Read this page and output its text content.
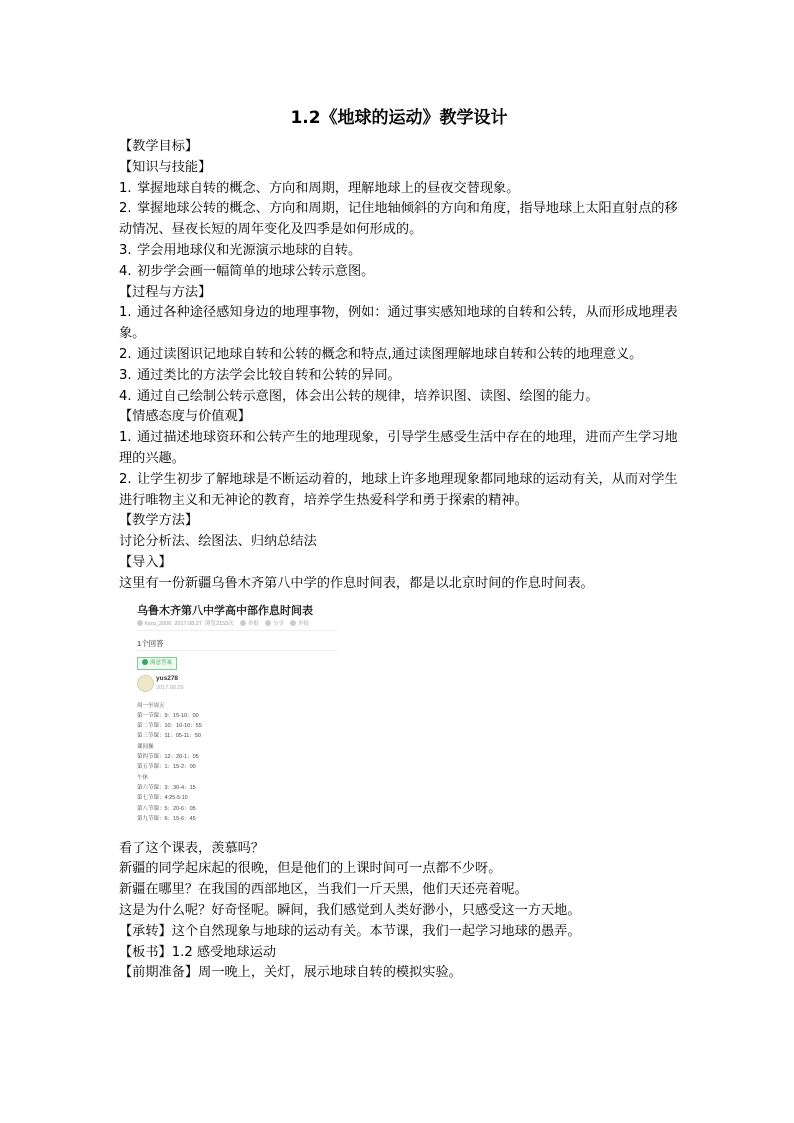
1.2《地球的运动》教学设计
【教学目标】
【知识与技能】
1. 掌握地球自转的概念、方向和周期，理解地球上的昼夜交替现象。
2. 掌握地球公转的概念、方向和周期，记住地轴倾斜的方向和角度，指导地球上太阳直射点的移动情况、昼夜长短的周年变化及四季是如何形成的。
3. 学会用地球仪和光源演示地球的自转。
4. 初步学会画一幅简单的地球公转示意图。
【过程与方法】
1. 通过各种途径感知身边的地理事物，例如：通过事实感知地球的自转和公转，从而形成地理表象。
2. 通过读图识记地球自转和公转的概念和特点,通过读图理解地球自转和公转的地理意义。
3. 通过类比的方法学会比较自转和公转的异同。
4. 通过自己绘制公转示意图，体会出公转的规律，培养识图、读图、绘图的能力。
【情感态度与价值观】
1. 通过描述地球资环和公转产生的地理现象，引导学生感受生活中存在的地理，进而产生学习地理的兴趣。
2. 让学生初步了解地球是不断运动着的，地球上许多地理现象都同地球的运动有关，从而对学生进行唯物主义和无神论的教育，培养学生热爱科学和勇于探索的精神。
【教学方法】
讨论分析法、绘图法、归纳总结法
【导入】
这里有一份新疆乌鲁木齐第八中学的作息时间表，都是以北京时间的作息时间表。
乌鲁木齐第八中学高中部作息时间表
liyzu_2006 2017.08.27 浏览2153次	举报	分享	举报
1个回答
满意答案
yus278
2017.08.29
周一至周五
第一节课：9：15-10：00
第二节课：10：10-10：55
第三节课：11：05-11：50
课间操
第四节课：12：20-1：05
第五节课：1：15-2：00
午休
第六节课：3：30-4：15
第七节课：4:25-5:10
第八节课：5：20-6：05
第九节课：6：15-6：45
看了这个课表，羡慕吗？
新疆的同学起床起的很晚，但是他们的上课时间可一点都不少呀。
新疆在哪里？在我国的西部地区，当我们一斤天黑，他们天还亮着呢。
这是为什么呢？好奇怪呢。瞬间，我们感觉到人类好渺小，只感受这一方天地。
【承转】这个自然现象与地球的运动有关。本节课，我们一起学习地球的愚弄。
【板书】1.2 感受地球运动
【前期准备】周一晚上，关灯，展示地球自转的模拟实验。
